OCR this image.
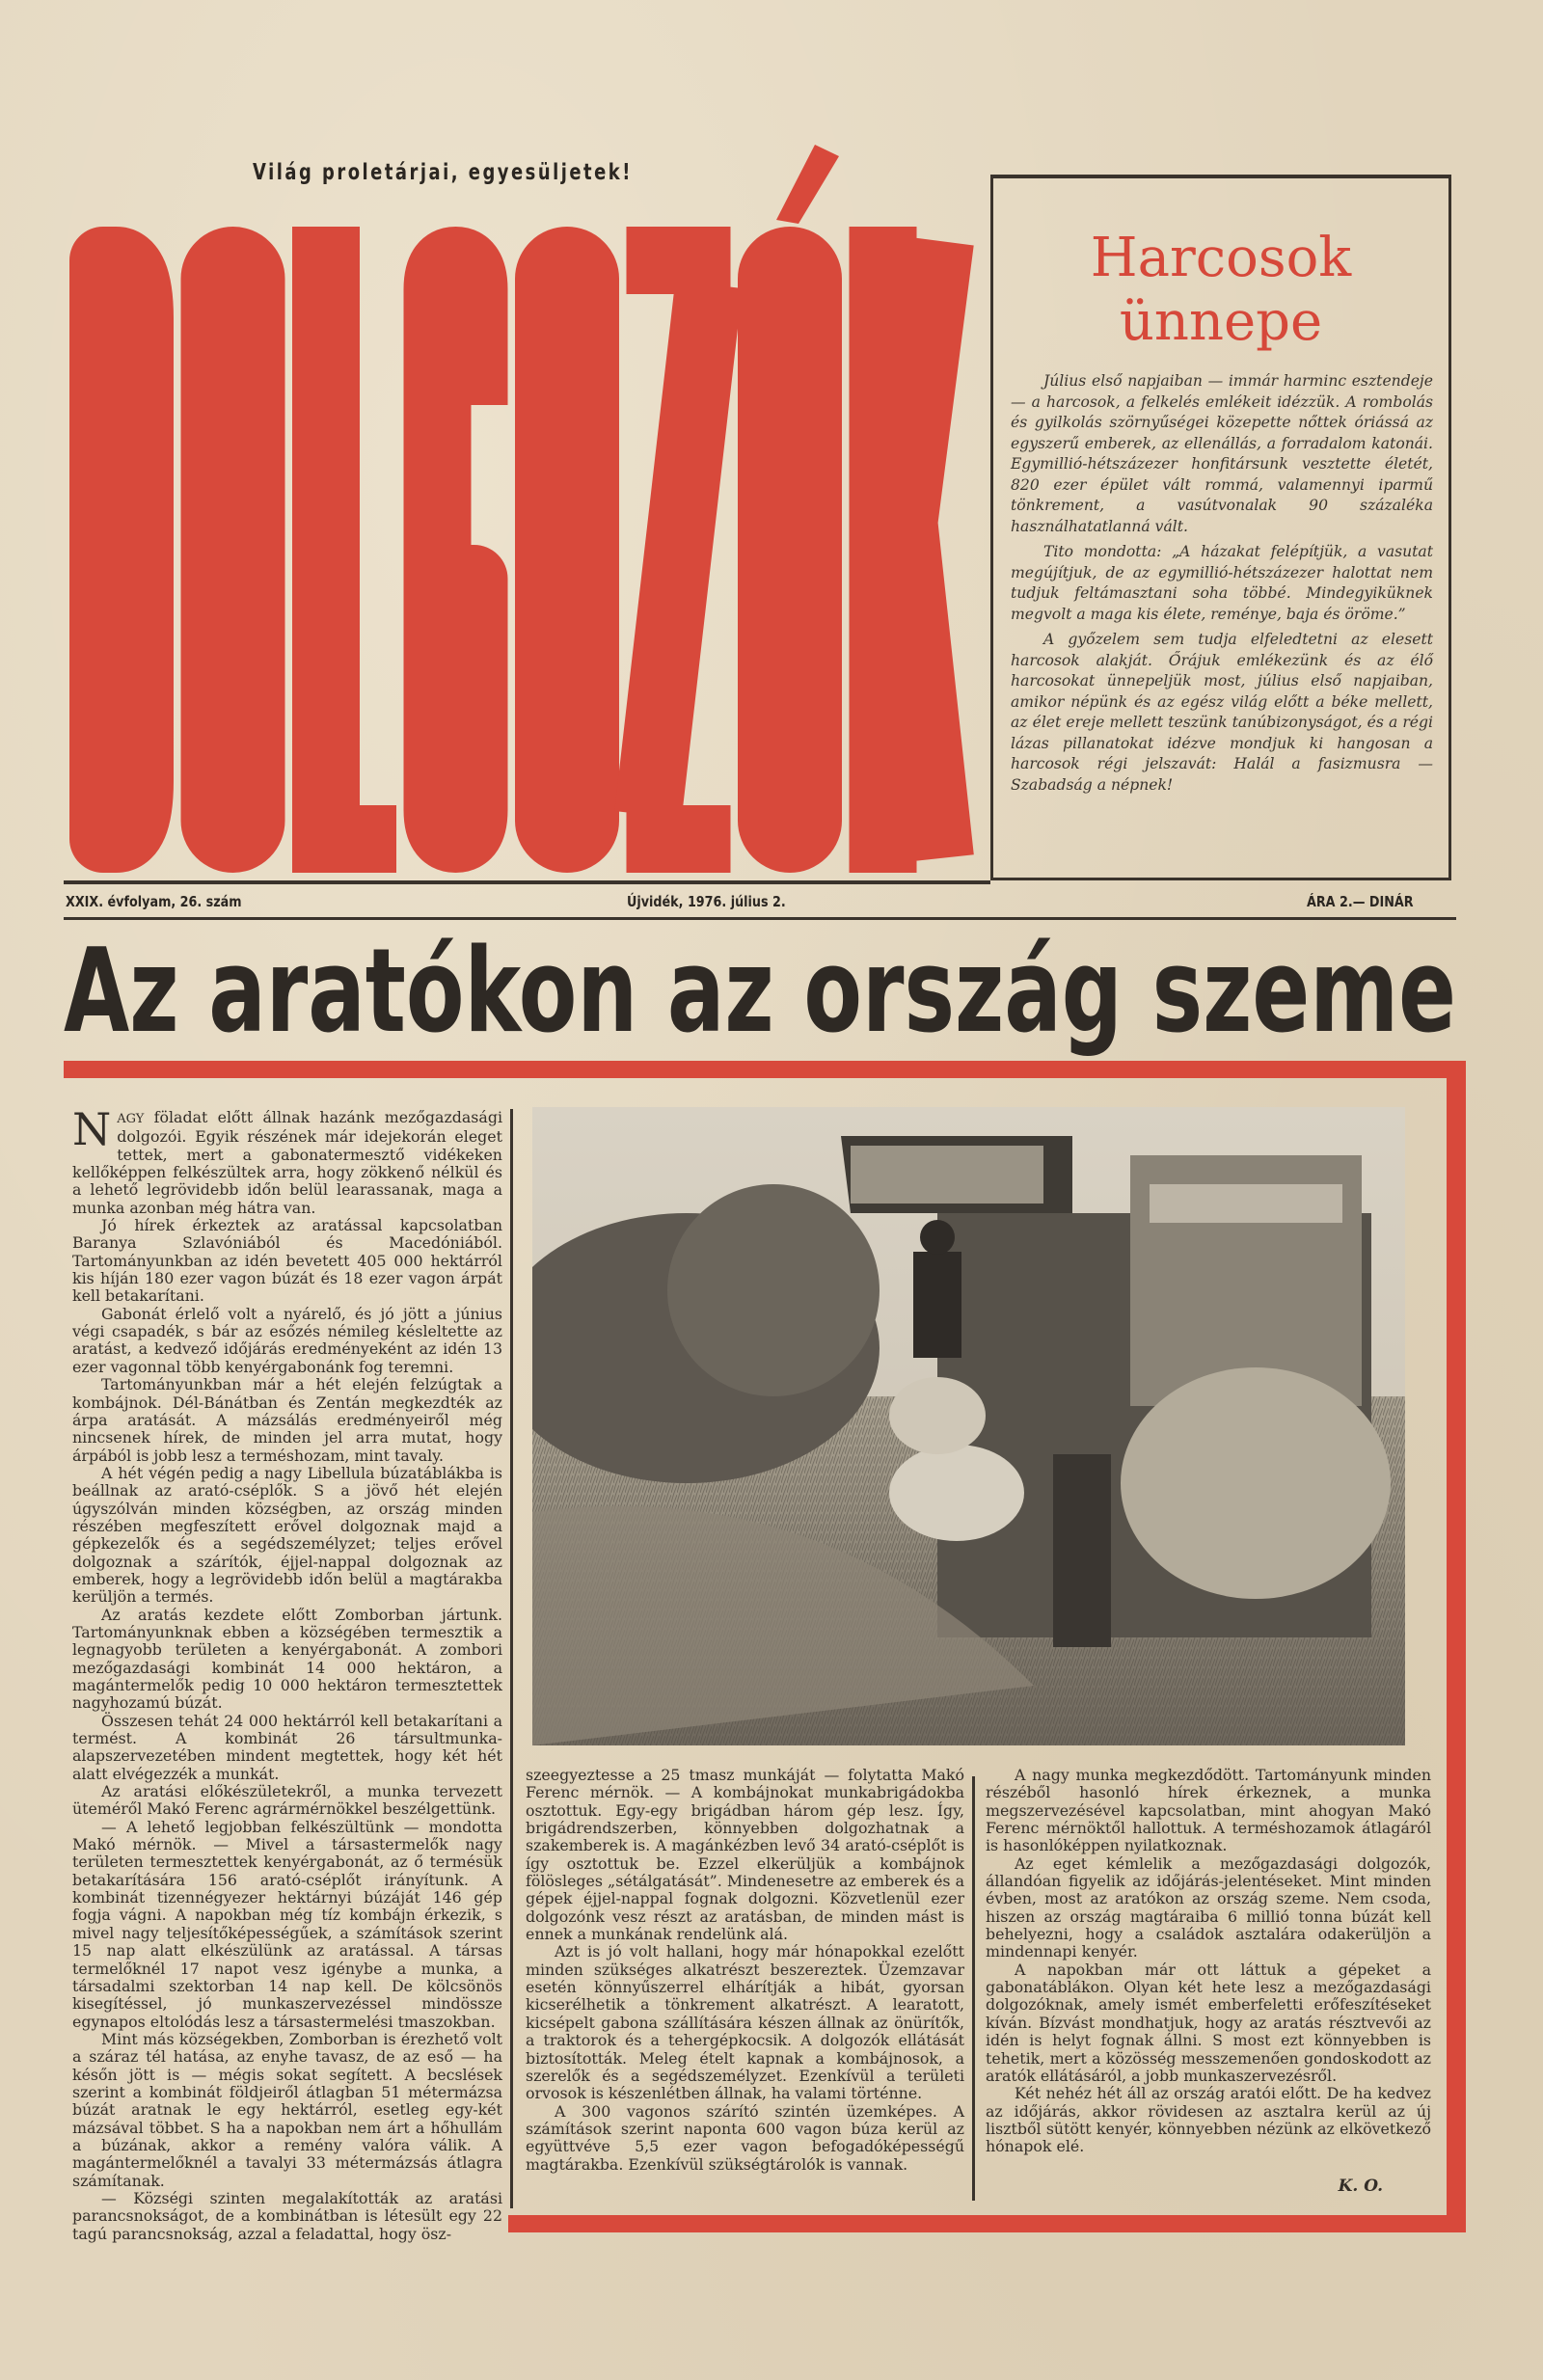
Világ proletárjai, egyesüljetek!
Harcosok
ünnepe

Július első napjaiban — immár harminc esztendeje — a harcosok, a felkelés emlékeit idézzük. A rombolás és gyilkolás szörnyűségei közepette nőttek óriássá az egyszerű emberek, az ellenállás, a forradalom katonái. Egymillió-hétszázezer honfitársunk vesztette életét, 820 ezer épület vált rommá, valamennyi iparmű tönkrement, a vasútvonalak 90 százaléka használhatatlanná vált.

Tito mondotta: „A házakat felépítjük, a vasutat megújítjuk, de az egymillió-hétszázezer halottat nem tudjuk feltámasztani soha többé. Mindegyiküknek megvolt a maga kis élete, reménye, baja és öröme.”

A győzelem sem tudja elfeledtetni az elesett harcosok alakját. Őrájuk emlékezünk és az élő harcosokat ünnepeljük most, július első napjaiban, amikor népünk és az egész világ előtt a béke mellett, az élet ereje mellett teszünk tanúbizonyságot, és a régi lázas pillanatokat idézve mondjuk ki hangosan a harcosok régi jelszavát: Halál a fasizmusra — Szabadság a népnek!

XXIX. évfolyam, 26. szám	Újvidék, 1976. július 2.	ÁRA 2.— DINÁR
Az aratókon az ország szeme

NAGY föladat előtt állnak hazánk mezőgazdasági dolgozói. Egyik részének már idejekorán eleget tettek, mert a gabonatermesztő vidékeken kellőképpen felkészültek arra, hogy zökkenő nélkül és a lehető legrövidebb időn belül learassanak, maga a munka azonban még hátra van.

Jó hírek érkeztek az aratással kapcsolatban Baranya Szlavóniából és Macedóniából. Tartományunkban az idén bevetett 405 000 hektárról kis híján 180 ezer vagon búzát és 18 ezer vagon árpát kell betakarítani.

Gabonát érlelő volt a nyárelő, és jó jött a június végi csapadék, s bár az esőzés némileg késleltette az aratást, a kedvező időjárás eredményeként az idén 13 ezer vagonnal több kenyérgabonánk fog teremni.

Tartományunkban már a hét elején felzúgtak a kombájnok. Dél-Bánátban és Zentán megkezdték az árpa aratását. A mázsálás eredményeiről még nincsenek hírek, de minden jel arra mutat, hogy árpából is jobb lesz a terméshozam, mint tavaly.

A hét végén pedig a nagy Libellula búzatáblákba is beállnak az arató-cséplők. S a jövő hét elején úgyszólván minden községben, az ország minden részében megfeszített erővel dolgoznak majd a gépkezelők és a segédszemélyzet; teljes erővel dolgoznak a szárítók, éjjel-nappal dolgoznak az emberek, hogy a legrövidebb időn belül a magtárakba kerüljön a termés.

Az aratás kezdete előtt Zomborban jártunk. Tartományunknak ebben a községében termesztik a legnagyobb területen a kenyérgabonát. A zombori mezőgazdasági kombinát 14 000 hektáron, a magántermelők pedig 10 000 hektáron termesztettek nagyhozamú búzát.

Összesen tehát 24 000 hektárról kell betakarítani a termést. A kombinát 26 társultmunka-alapszervezetében mindent megtettek, hogy két hét alatt elvégezzék a munkát.

Az aratási előkészületekről, a munka tervezett üteméről Makó Ferenc agrármérnökkel beszélgettünk.

— A lehető legjobban felkészültünk — mondotta Makó mérnök. — Mivel a társastermelők nagy területen termesztettek kenyérgabonát, az ő termésük betakarítására 156 arató-cséplőt irányítunk. A kombinát tizennégyezer hektárnyi búzáját 146 gép fogja vágni. A napokban még tíz kombájn érkezik, s mivel nagy teljesítőképességűek, a számítások szerint 15 nap alatt elkészülünk az aratással. A társas termelőknél 17 napot vesz igénybe a munka, a társadalmi szektorban 14 nap kell. De kölcsönös kisegítéssel, jó munkaszervezéssel mindössze egynapos eltolódás lesz a társastermelési tmaszokban.

Mint más községekben, Zomborban is érezhető volt a száraz tél hatása, az enyhe tavasz, de az eső — ha későn jött is — mégis sokat segített. A becslések szerint a kombinát földjeiről átlagban 51 métermázsa búzát aratnak le egy hektárról, esetleg egy-két mázsával többet. S ha a napokban nem árt a hőhullám a búzának, akkor a remény valóra válik. A magántermelőknél a tavalyi 33 métermázsás átlagra számítanak.

— Községi szinten megalakították az aratási parancsnokságot, de a kombinátban is létesült egy 22 tagú parancsnokság, azzal a feladattal, hogy ösz-

szeegyeztesse a 25 tmasz munkáját — folytatta Makó Ferenc mérnök. — A kombájnokat munkabrigádokba osztottuk. Egy-egy brigádban három gép lesz. Így, brigádrendszerben, könnyebben dolgozhatnak a szakemberek is. A magánkézben levő 34 arató-cséplőt is így osztottuk be. Ezzel elkerüljük a kombájnok fölösleges „sétálgatását”. Mindenesetre az emberek és a gépek éjjel-nappal fognak dolgozni. Közvetlenül ezer dolgozónk vesz részt az aratásban, de minden mást is ennek a munkának rendelünk alá.

Azt is jó volt hallani, hogy már hónapokkal ezelőtt minden szükséges alkatrészt beszereztek. Üzemzavar esetén könnyűszerrel elhárítják a hibát, gyorsan kicserélhetik a tönkrement alkatrészt. A learatott, kicsépelt gabona szállítására készen állnak az önürítők, a traktorok és a tehergépkocsik. A dolgozók ellátását biztosították. Meleg ételt kapnak a kombájnosok, a szerelők és a segédszemélyzet. Ezenkívül a területi orvosok is készenlétben állnak, ha valami történne.

A 300 vagonos szárító szintén üzemképes. A számítások szerint naponta 600 vagon búza kerül az együttvéve 5,5 ezer vagon befogadóképességű magtárakba. Ezenkívül szükségtárolók is vannak.

A nagy munka megkezdődött. Tartományunk minden részéből hasonló hírek érkeznek, a munka megszervezésével kapcsolatban, mint ahogyan Makó Ferenc mérnöktől hallottuk. A terméshozamok átlagáról is hasonlóképpen nyilatkoznak.

Az eget kémlelik a mezőgazdasági dolgozók, állandóan figyelik az időjárás-jelentéseket. Mint minden évben, most az aratókon az ország szeme. Nem csoda, hiszen az ország magtáraiba 6 millió tonna búzát kell behelyezni, hogy a családok asztalára odakerüljön a mindennapi kenyér.

A napokban már ott láttuk a gépeket a gabonatáblákon. Olyan két hete lesz a mezőgazdasági dolgozóknak, amely ismét emberfeletti erőfeszítéseket kíván. Bízvást mondhatjuk, hogy az aratás résztvevői az idén is helyt fognak állni. S most ezt könnyebben is tehetik, mert a közösség messzemenően gondoskodott az aratók ellátásáról, a jobb munkaszervezésről.

Két nehéz hét áll az ország aratói előtt. De ha kedvez az időjárás, akkor rövidesen az asztalra kerül az új lisztből sütött kenyér, könnyebben nézünk az elkövetkező hónapok elé.

K. O.
